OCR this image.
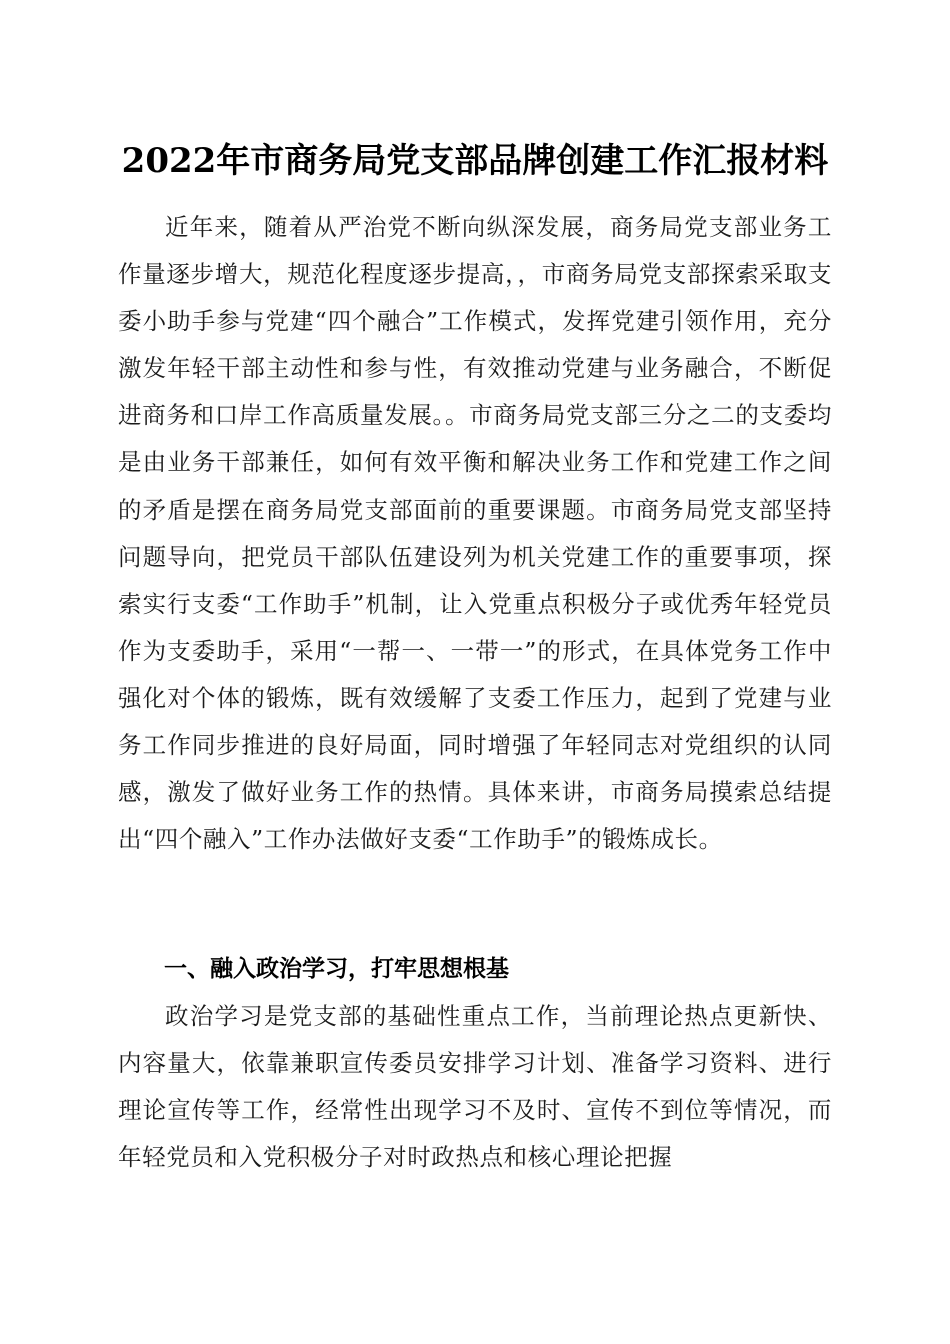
2022年市商务局党支部品牌创建工作汇报材料

近年来，随着从严治党不断向纵深发展，商务局党支部业务工作量逐步增大，规范化程度逐步提高，，市商务局党支部探索采取支委小助手参与党建“四个融合”工作模式，发挥党建引领作用，充分激发年轻干部主动性和参与性，有效推动党建与业务融合，不断促进商务和口岸工作高质量发展。。市商务局党支部三分之二的支委均是由业务干部兼任，如何有效平衡和解决业务工作和党建工作之间的矛盾是摆在商务局党支部面前的重要课题。市商务局党支部坚持问题导向，把党员干部队伍建设列为机关党建工作的重要事项，探索实行支委“工作助手”机制，让入党重点积极分子或优秀年轻党员作为支委助手，采用“一帮一、一带一”的形式，在具体党务工作中强化对个体的锻炼，既有效缓解了支委工作压力，起到了党建与业务工作同步推进的良好局面，同时增强了年轻同志对党组织的认同感，激发了做好业务工作的热情。具体来讲，市商务局摸索总结提出“四个融入”工作办法做好支委“工作助手”的锻炼成长。

一、融入政治学习，打牢思想根基

政治学习是党支部的基础性重点工作，当前理论热点更新快、内容量大，依靠兼职宣传委员安排学习计划、准备学习资料、进行理论宣传等工作，经常性出现学习不及时、宣传不到位等情况，而年轻党员和入党积极分子对时政热点和核心理论把握
